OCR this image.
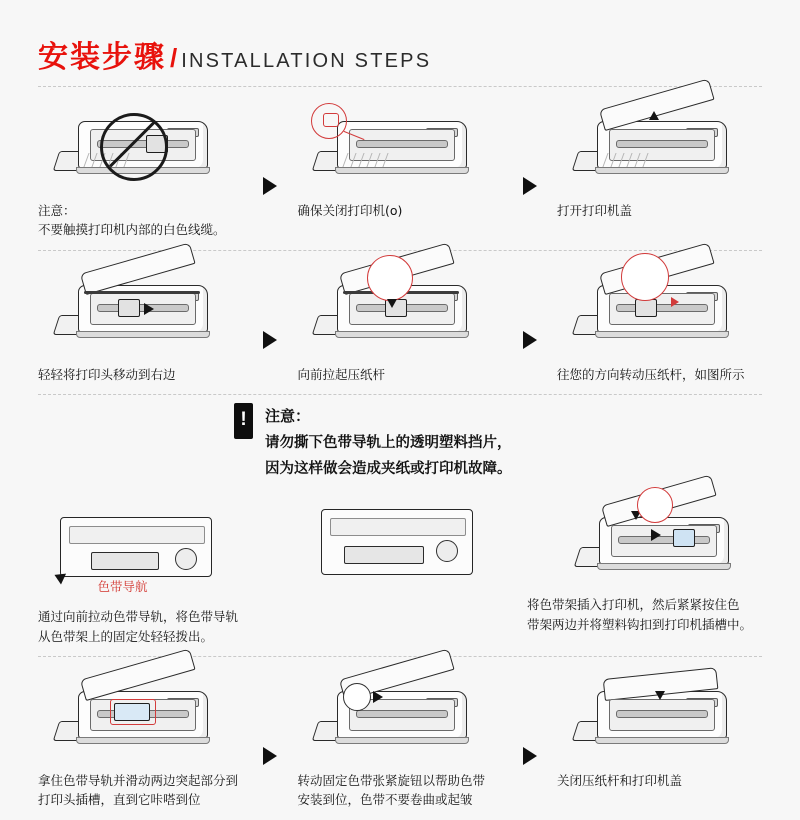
安装步骤 / INSTALLATION STEPS
注意：
不要触摸打印机内部的白色线缆。
确保关闭打印机(o)	打开打印机盖
轻轻将打印头移动到右边	向前拉起压纸杆	往您的方向转动压纸杆，如图所示
!	注意：
请勿撕下色带导轨上的透明塑料挡片，
因为这样做会造成夹纸或打印机故障。
色带导航
通过向前拉动色带导轨，将色带导轨从色带架上的固定处轻轻拨出。
将色带架插入打印机，然后紧紧按住色
带架两边并将塑料钩扣到打印机插槽中。
拿住色带导轨并滑动两边突起部分到
打印头插槽，直到它咔嗒到位
转动固定色带张紧旋钮以帮助色带
安装到位，色带不要卷曲或起皱
关闭压纸杆和打印机盖
